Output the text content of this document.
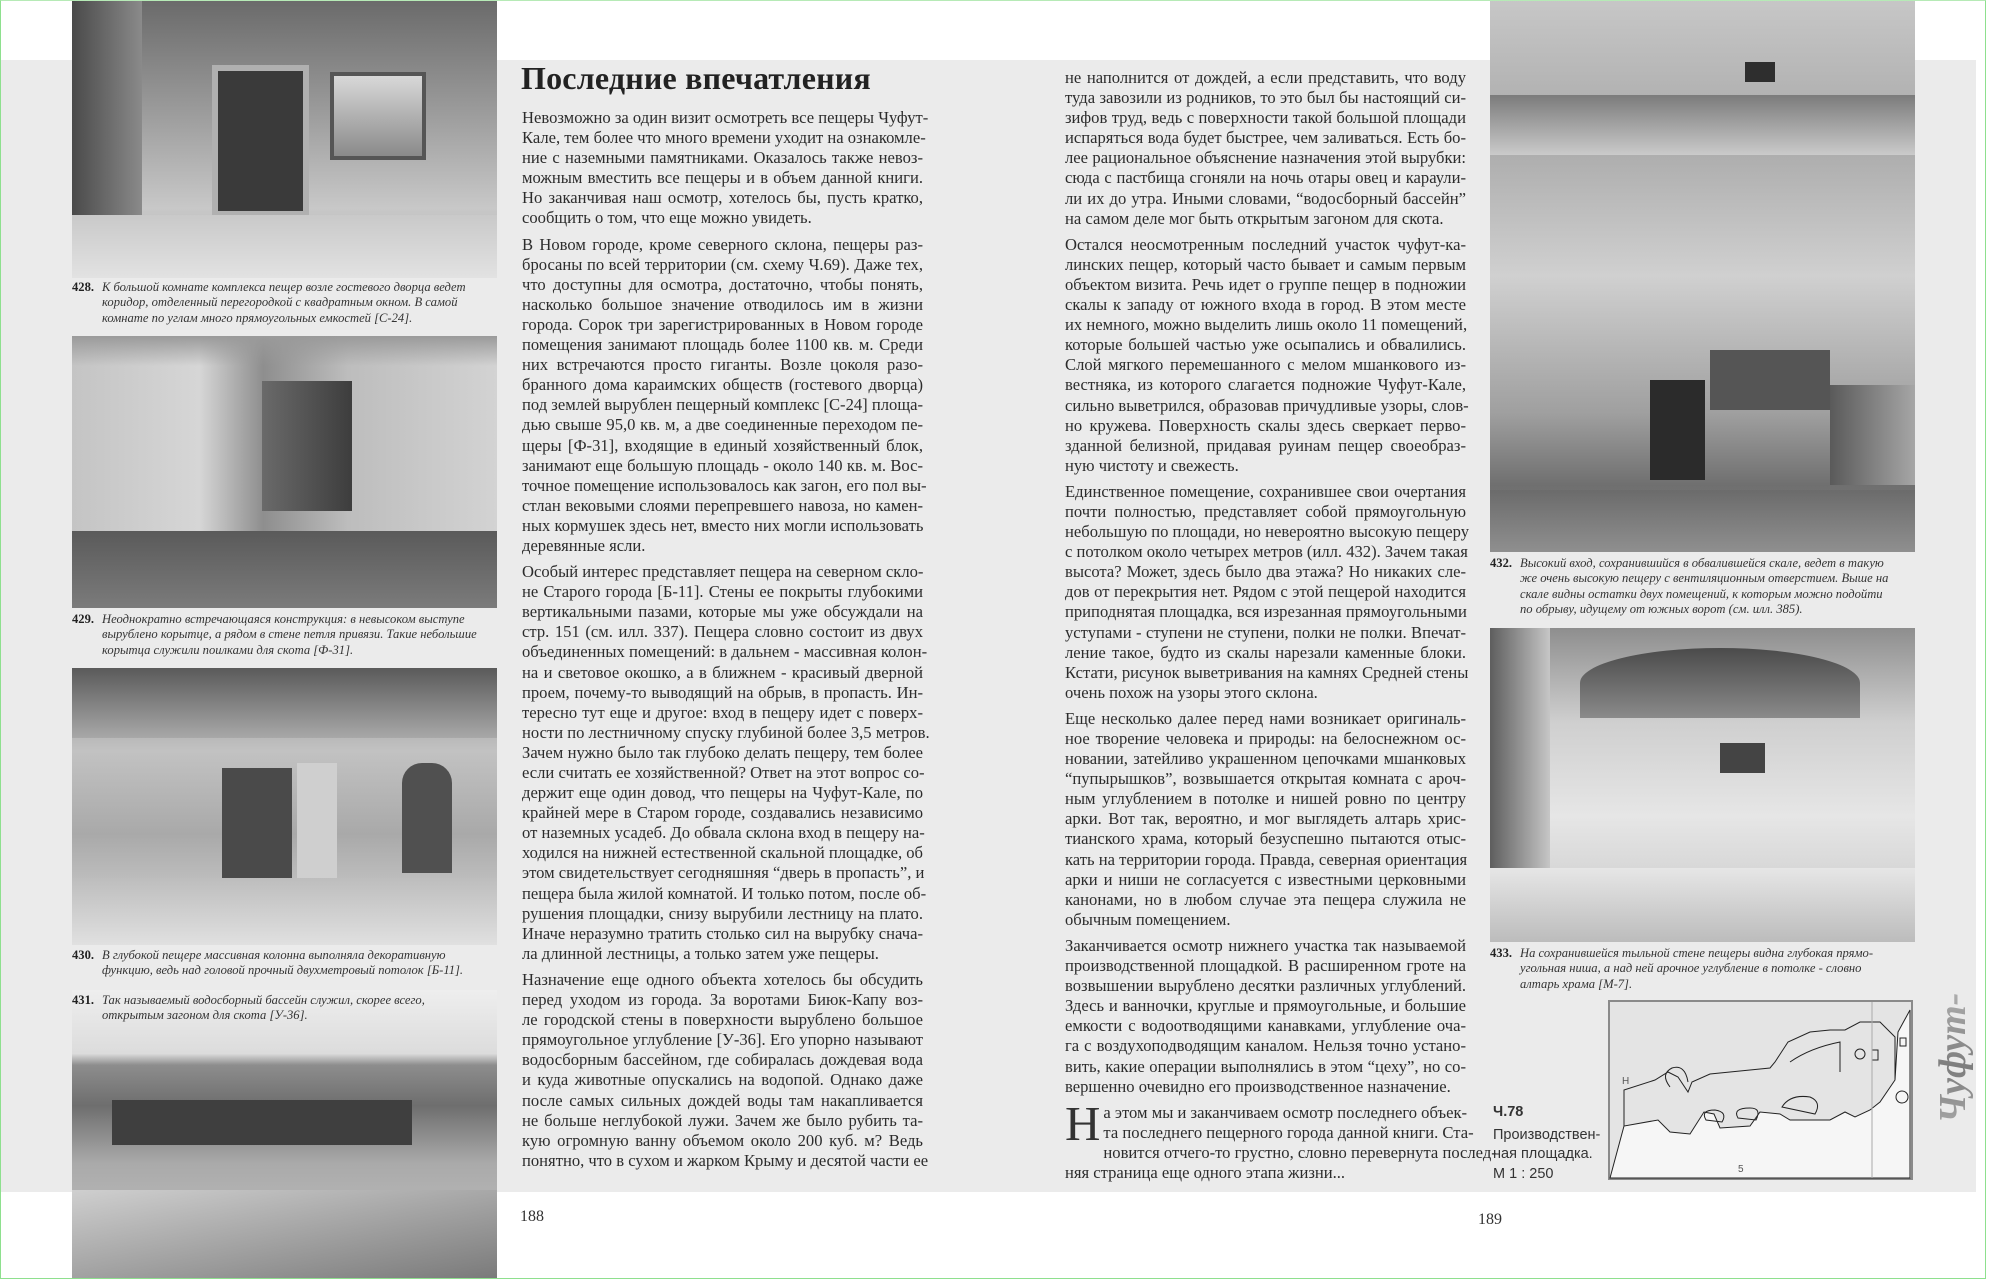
428. К большой комнате комплекса пещер возле гостевого дворца ведет
коридор, отделенный перегородкой с квадратным окном. В самой
комнате по углам много прямоугольных емкостей [С-24].
429. Неоднократно встречающаяся конструкция: в невысоком выступе
вырублено корытце, а рядом в стене петля привязи. Такие небольшие
корытца служили поилками для скота [Ф-31].
430. В глубокой пещере массивная колонна выполняла декоративную
функцию, ведь над головой прочный двухметровый потолок [Б-11].
431. Так называемый водосборный бассейн служил, скорее всего,
открытым загоном для скота [У-36].
Последние впечатления
Невозможно за один визит осмотреть все пещеры Чуфут-
Кале, тем более что много времени уходит на ознакомле-
ние с наземными памятниками. Оказалось также невоз-
можным вместить все пещеры и в объем данной книги.
Но заканчивая наш осмотр, хотелось бы, пусть кратко,
сообщить о том, что еще можно увидеть.
В Новом городе, кроме северного склона, пещеры раз-
бросаны по всей территории (см. схему Ч.69). Даже тех,
что доступны для осмотра, достаточно, чтобы понять,
насколько большое значение отводилось им в жизни
города. Сорок три зарегистрированных в Новом городе
помещения занимают площадь более 1100 кв. м. Среди
них встречаются просто гиганты. Возле цоколя разо-
бранного дома караимских обществ (гостевого дворца)
под землей вырублен пещерный комплекс [С-24] площа-
дью свыше 95,0 кв. м, а две соединенные переходом пе-
щеры [Ф-31], входящие в единый хозяйственный блок,
занимают еще большую площадь - около 140 кв. м. Вос-
точное помещение использовалось как загон, его пол вы-
стлан вековыми слоями перепревшего навоза, но камен-
ных кормушек здесь нет, вместо них могли использовать
деревянные ясли.
Особый интерес представляет пещера на северном скло-
не Старого города [Б-11]. Стены ее покрыты глубокими
вертикальными пазами, которые мы уже обсуждали на
стр. 151 (см. илл. 337). Пещера словно состоит из двух
объединенных помещений: в дальнем - массивная колон-
на и световое окошко, а в ближнем - красивый дверной
проем, почему-то выводящий на обрыв, в пропасть. Ин-
тересно тут еще и другое: вход в пещеру идет с поверх-
ности по лестничному спуску глубиной более 3,5 метров.
Зачем нужно было так глубоко делать пещеру, тем более
если считать ее хозяйственной? Ответ на этот вопрос со-
держит еще один довод, что пещеры на Чуфут-Кале, по
крайней мере в Старом городе, создавались независимо
от наземных усадеб. До обвала склона вход в пещеру на-
ходился на нижней естественной скальной площадке, об
этом свидетельствует сегодняшняя “дверь в пропасть”, и
пещера была жилой комнатой. И только потом, после об-
рушения площадки, снизу вырубили лестницу на плато.
Иначе неразумно тратить столько сил на вырубку снача-
ла длинной лестницы, а только затем уже пещеры.
Назначение еще одного объекта хотелось бы обсудить
перед уходом из города. За воротами Биюк-Капу воз-
ле городской стены в поверхности вырублено большое
прямоугольное углубление [У-36]. Его упорно называют
водосборным бассейном, где собиралась дождевая вода
и куда животные опускались на водопой. Однако даже
после самых сильных дождей воды там накапливается
не больше неглубокой лужи. Зачем же было рубить та-
кую огромную ванну объемом около 200 куб. м? Ведь
понятно, что в сухом и жарком Крыму и десятой части ее
188
не наполнится от дождей, а если представить, что воду
туда завозили из родников, то это был бы настоящий си-
зифов труд, ведь с поверхности такой большой площади
испаряться вода будет быстрее, чем заливаться. Есть бо-
лее рациональное объяснение назначения этой вырубки:
сюда с пастбища сгоняли на ночь отары овец и караули-
ли их до утра. Иными словами, “водосборный бассейн”
на самом деле мог быть открытым загоном для скота.
Остался неосмотренным последний участок чуфут-ка-
линских пещер, который часто бывает и самым первым
объектом визита. Речь идет о группе пещер в подножии
скалы к западу от южного входа в город. В этом месте
их немного, можно выделить лишь около 11 помещений,
которые большей частью уже осыпались и обвалились.
Слой мягкого перемешанного с мелом мшанкового из-
вестняка, из которого слагается подножие Чуфут-Кале,
сильно выветрился, образовав причудливые узоры, слов-
но кружева. Поверхность скалы здесь сверкает перво-
зданной белизной, придавая руинам пещер своеобраз-
ную чистоту и свежесть.
Единственное помещение, сохранившее свои очертания
почти полностью, представляет собой прямоугольную
небольшую по площади, но невероятно высокую пещеру
с потолком около четырех метров (илл. 432). Зачем такая
высота? Может, здесь было два этажа? Но никаких сле-
дов от перекрытия нет. Рядом с этой пещерой находится
приподнятая площадка, вся изрезанная прямоугольными
уступами - ступени не ступени, полки не полки. Впечат-
ление такое, будто из скалы нарезали каменные блоки.
Кстати, рисунок выветривания на камнях Средней стены
очень похож на узоры этого склона.
Еще несколько далее перед нами возникает оригиналь-
ное творение человека и природы: на белоснежном ос-
новании, затейливо украшенном цепочками мшанковых
“пупырышков”, возвышается открытая комната с ароч-
ным углублением в потолке и нишей ровно по центру
арки. Вот так, вероятно, и мог выглядеть алтарь хрис-
тианского храма, который безуспешно пытаются отыс-
кать на территории города. Правда, северная ориентация
арки и ниши не согласуется с известными церковными
канонами, но в любом случае эта пещера служила не
обычным помещением.
Заканчивается осмотр нижнего участка так называемой
производственной площадкой. В расширенном гроте на
возвышении вырублено десятки различных углублений.
Здесь и ванночки, круглые и прямоугольные, и большие
емкости с водоотводящими канавками, углубление оча-
га с воздухоподводящим каналом. Нельзя точно устано-
вить, какие операции выполнялись в этом “цеху”, но со-
вершенно очевидно его производственное назначение.
Н а этом мы и заканчиваем осмотр последнего объек-
та последнего пещерного города данной книги. Ста-
новится отчего-то грустно, словно перевернута послед-
няя страница еще одного этапа жизни...
189
432. Высокий вход, сохранившийся в обвалившейся скале, ведет в такую
же очень высокую пещеру с вентиляционным отверстием. Выше на
скале видны остатки двух помещений, к которым можно подойти
по обрыву, идущему от южных ворот (см. илл. 385).
433. На сохранившейся тыльной стене пещеры видна глубокая прямо-
угольная ниша, а над ней арочное углубление в потолке - словно
алтарь храма [М-7].
Ч.78
Производствен-
ная площадка.
М 1 : 250
Н
5
Чуфут-Кале
